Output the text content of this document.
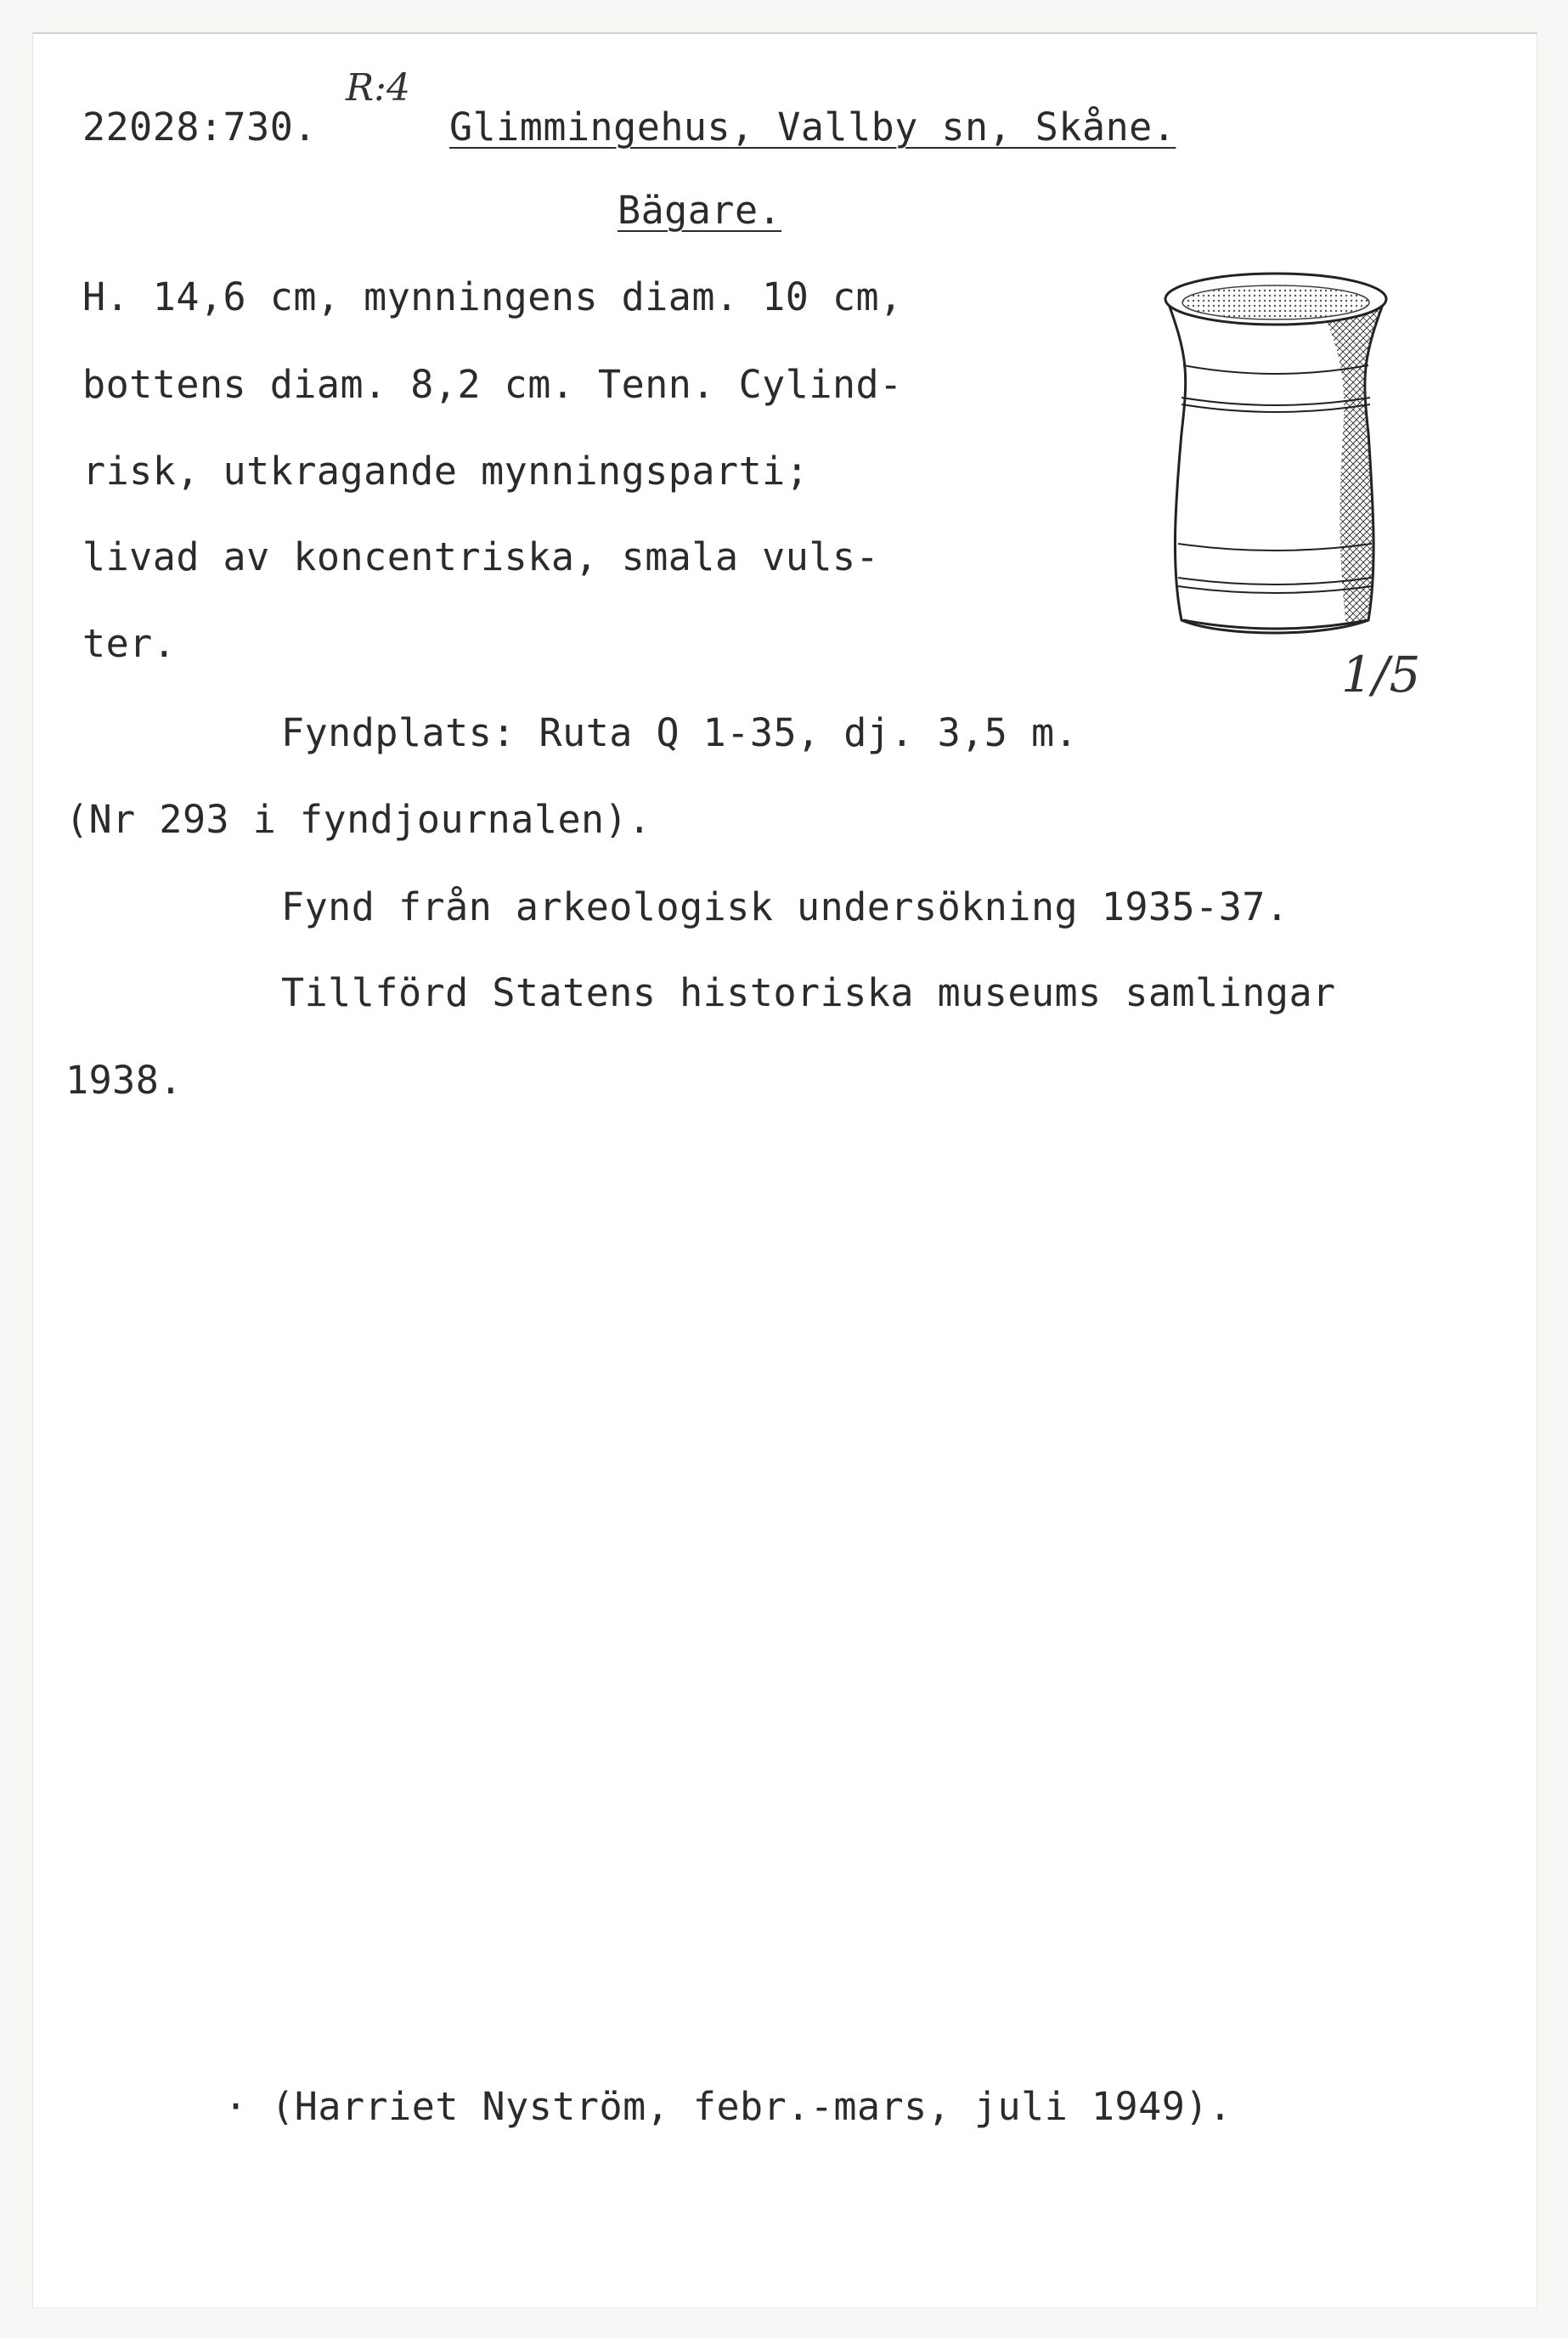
22028:730.
R:4
Glimmingehus, Vallby sn, Skåne.
Bägare.
H. 14,6 cm, mynningens diam. 10 cm,
bottens diam. 8,2 cm. Tenn. Cylind-
risk, utkragande mynningsparti;
livad av koncentriska, smala vuls-
ter.
1/5
Fyndplats: Ruta Q 1-35, dj. 3,5 m.
(Nr 293 i fyndjournalen).
Fynd från arkeologisk undersökning 1935-37.
Tillförd Statens historiska museums samlingar
1938.
· (Harriet Nyström, febr.-mars, juli 1949).
